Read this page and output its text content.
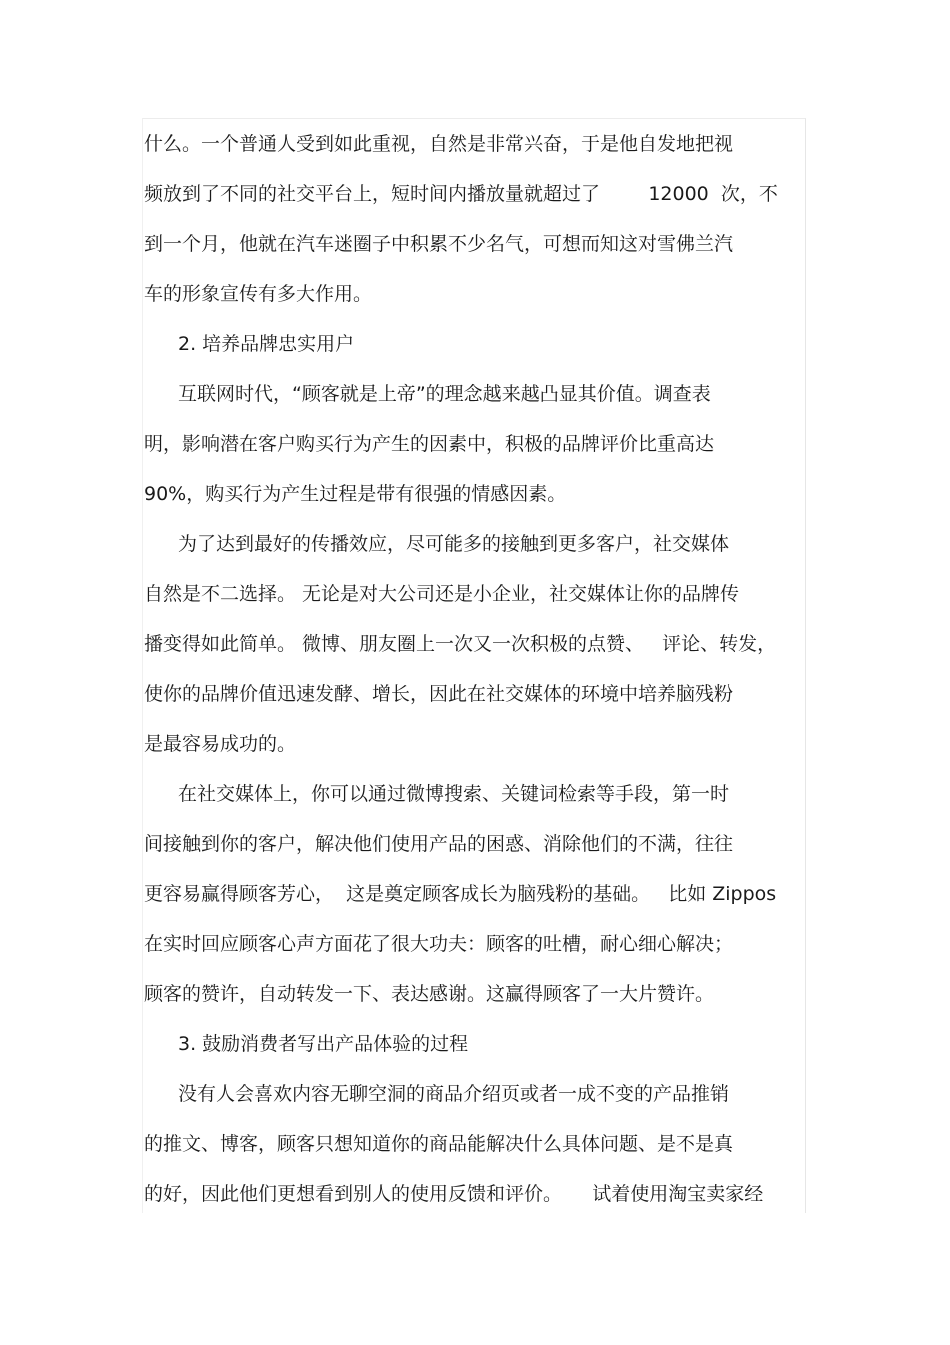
什么。一个普通人受到如此重视，自然是非常兴奋，于是他自发地把视
频放到了不同的社交平台上，短时间内播放量就超过了        12000  次，不
到一个月，他就在汽车迷圈子中积累不少名气，可想而知这对雪佛兰汽
车的形象宣传有多大作用。
2. 培养品牌忠实用户
互联网时代，“顾客就是上帝”的理念越来越凸显其价值。调查表
明，影响潜在客户购买行为产生的因素中，积极的品牌评价比重高达
90%，购买行为产生过程是带有很强的情感因素。
为了达到最好的传播效应，尽可能多的接触到更多客户，社交媒体
自然是不二选择。 无论是对大公司还是小企业，社交媒体让你的品牌传
播变得如此简单。 微博、朋友圈上一次又一次积极的点赞、   评论、转发，
使你的品牌价值迅速发酵、增长，因此在社交媒体的环境中培养脑残粉
是最容易成功的。
在社交媒体上，你可以通过微博搜索、关键词检索等手段，第一时
间接触到你的客户，解决他们使用产品的困惑、消除他们的不满，往往
更容易赢得顾客芳心，  这是奠定顾客成长为脑残粉的基础。   比如 Zippos
在实时回应顾客心声方面花了很大功夫：顾客的吐槽，耐心细心解决；
顾客的赞许，自动转发一下、表达感谢。这赢得顾客了一大片赞许。
3. 鼓励消费者写出产品体验的过程
没有人会喜欢内容无聊空洞的商品介绍页或者一成不变的产品推销
的推文、博客，顾客只想知道你的商品能解决什么具体问题、是不是真
的好，因此他们更想看到别人的使用反馈和评价。     试着使用淘宝卖家经
